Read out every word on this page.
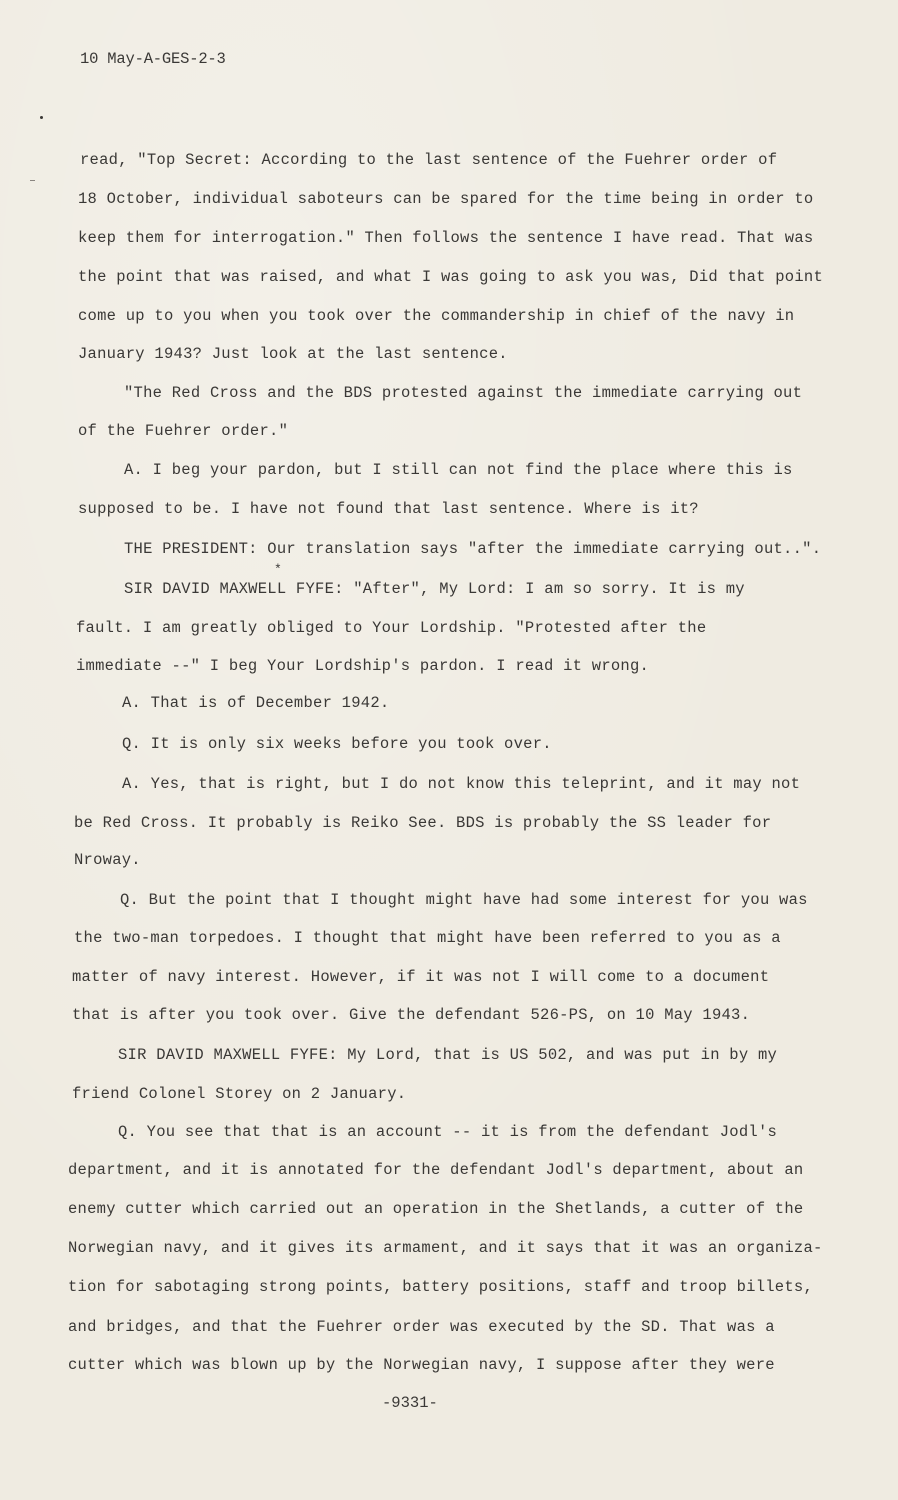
10 May-A-GES-2-3
*
read, "Top Secret: According to the last sentence of the Fuehrer order of
18 October, individual saboteurs can be spared for the time being in order to
keep them for interrogation." Then follows the sentence I have read. That was
the point that was raised, and what I was going to ask you was, Did that point
come up to you when you took over the commandership in chief of the navy in
January 1943? Just look at the last sentence.
"The Red Cross and the BDS protested against the immediate carrying out
of the Fuehrer order."
A. I beg your pardon, but I still can not find the place where this is
supposed to be. I have not found that last sentence. Where is it?
THE PRESIDENT: Our translation says "after the immediate carrying out..".
SIR DAVID MAXWELL FYFE: "After", My Lord: I am so sorry. It is my
fault. I am greatly obliged to Your Lordship. "Protested after the
immediate --" I beg Your Lordship's pardon. I read it wrong.
A. That is of December 1942.
Q. It is only six weeks before you took over.
A. Yes, that is right, but I do not know this teleprint, and it may not
be Red Cross. It probably is Reiko See. BDS is probably the SS leader for
Nroway.
Q. But the point that I thought might have had some interest for you was
the two-man torpedoes. I thought that might have been referred to you as a
matter of navy interest. However, if it was not I will come to a document
that is after you took over. Give the defendant 526-PS, on 10 May 1943.
SIR DAVID MAXWELL FYFE: My Lord, that is US 502, and was put in by my
friend Colonel Storey on 2 January.
Q. You see that that is an account -- it is from the defendant Jodl's
department, and it is annotated for the defendant Jodl's department, about an
enemy cutter which carried out an operation in the Shetlands, a cutter of the
Norwegian navy, and it gives its armament, and it says that it was an organiza-
tion for sabotaging strong points, battery positions, staff and troop billets,
and bridges, and that the Fuehrer order was executed by the SD. That was a
cutter which was blown up by the Norwegian navy, I suppose after they were
-9331-
